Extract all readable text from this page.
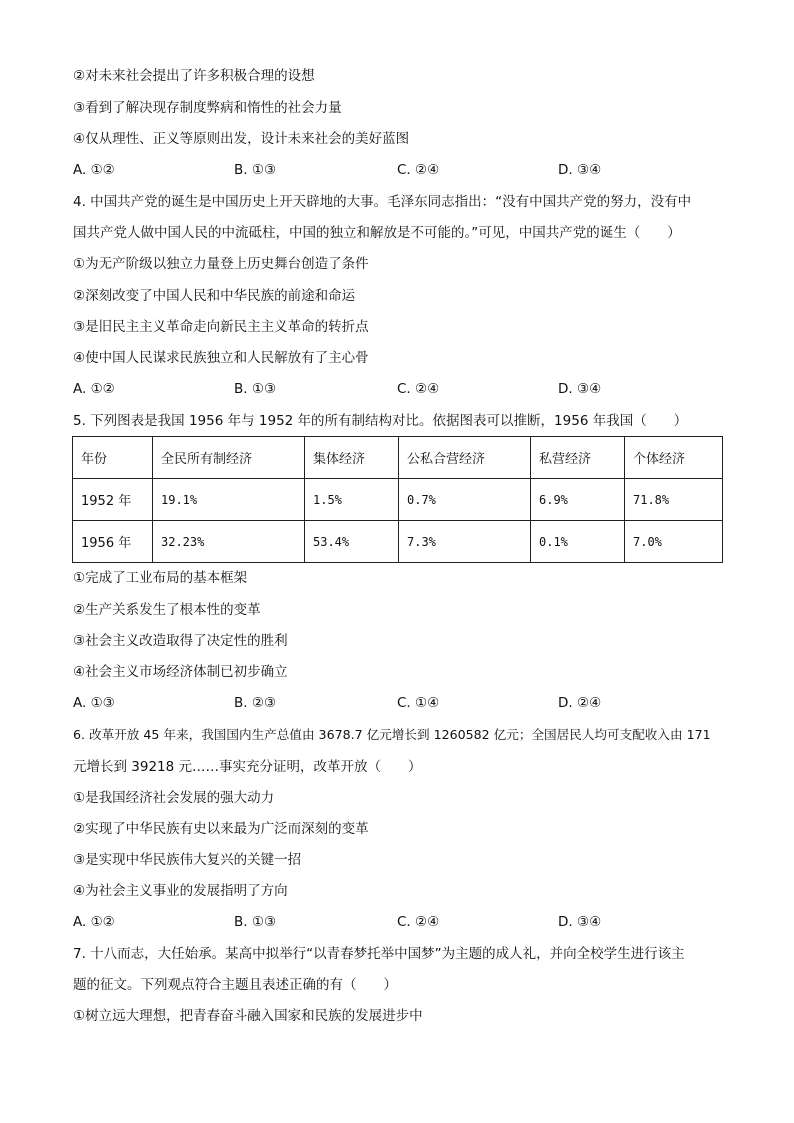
②对未来社会提出了许多积极合理的设想
③看到了解决现存制度弊病和惰性的社会力量
④仅从理性、正义等原则出发，设计未来社会的美好蓝图
A. ①②	B. ①③	C. ②④	D. ③④
4. 中国共产党的诞生是中国历史上开天辟地的大事。毛泽东同志指出：“没有中国共产党的努力，没有中
国共产党人做中国人民的中流砥柱，中国的独立和解放是不可能的。”可见，中国共产党的诞生（　　）
①为无产阶级以独立力量登上历史舞台创造了条件
②深刻改变了中国人民和中华民族的前途和命运
③是旧民主主义革命走向新民主主义革命的转折点
④使中国人民谋求民族独立和人民解放有了主心骨
A. ①②	B. ①③	C. ②④	D. ③④
5. 下列图表是我国 1956 年与 1952 年的所有制结构对比。依据图表可以推断，1956 年我国（　　）
年份	全民所有制经济	集体经济	公私合营经济	私营经济	个体经济
1952 年	19.1%	1.5%	0.7%	6.9%	71.8%
1956 年	32.23%	53.4%	7.3%	0.1%	7.0%
①完成了工业布局的基本框架
②生产关系发生了根本性的变革
③社会主义改造取得了决定性的胜利
④社会主义市场经济体制已初步确立
A. ①③	B. ②③	C. ①④	D. ②④
6. 改革开放 45 年来，我国国内生产总值由 3678.7 亿元增长到 1260582 亿元；全国居民人均可支配收入由 171
元增长到 39218 元……事实充分证明，改革开放（　　）
①是我国经济社会发展的强大动力
②实现了中华民族有史以来最为广泛而深刻的变革
③是实现中华民族伟大复兴的关键一招
④为社会主义事业的发展指明了方向
A. ①②	B. ①③	C. ②④	D. ③④
7. 十八而志，大任始承。某高中拟举行“以青春梦托举中国梦”为主题的成人礼，并向全校学生进行该主
题的征文。下列观点符合主题且表述正确的有（　　）
①树立远大理想，把青春奋斗融入国家和民族的发展进步中
